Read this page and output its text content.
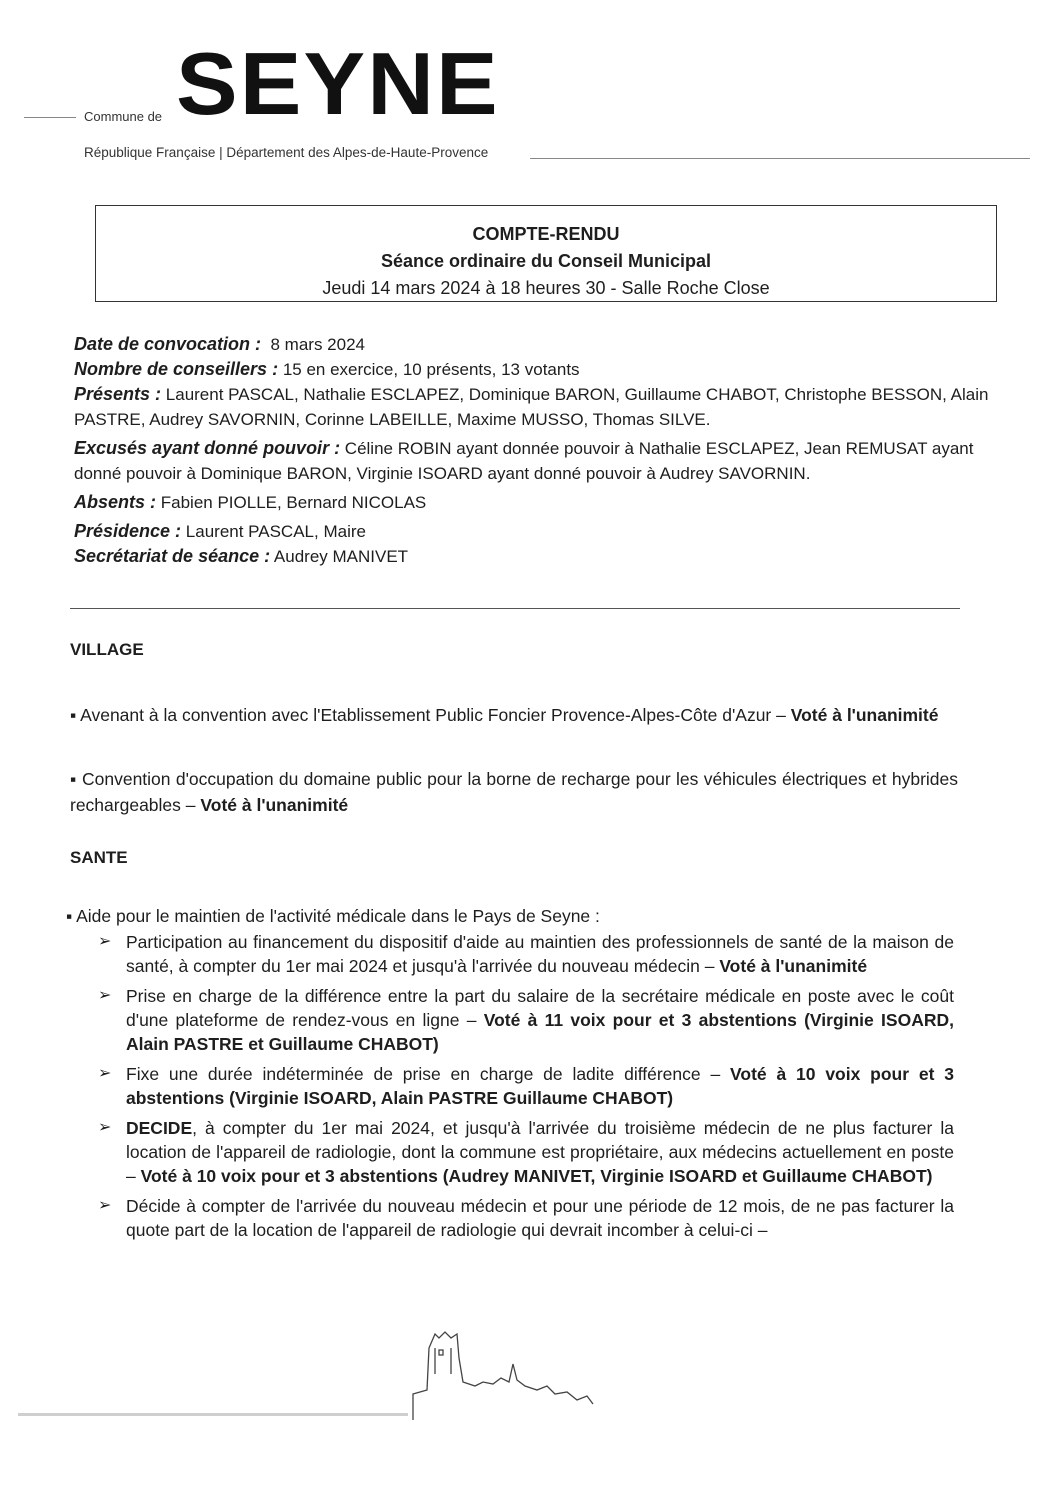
Commune de SEYNE
République Française | Département des Alpes-de-Haute-Provence
COMPTE-RENDU
Séance ordinaire du Conseil Municipal
Jeudi 14 mars 2024 à 18 heures 30 - Salle Roche Close

Date de convocation : 8 mars 2024

Nombre de conseillers : 15 en exercice, 10 présents, 13 votants

Présents : Laurent PASCAL, Nathalie ESCLAPEZ, Dominique BARON, Guillaume CHABOT, Christophe BESSON, Alain PASTRE, Audrey SAVORNIN, Corinne LABEILLE, Maxime MUSSO, Thomas SILVE.

Excusés ayant donné pouvoir : Céline ROBIN ayant donnée pouvoir à Nathalie ESCLAPEZ, Jean REMUSAT ayant donné pouvoir à Dominique BARON, Virginie ISOARD ayant donné pouvoir à Audrey SAVORNIN.

Absents : Fabien PIOLLE, Bernard NICOLAS

Présidence : Laurent PASCAL, Maire

Secrétariat de séance : Audrey MANIVET

VILLAGE
▪ Avenant à la convention avec l'Etablissement Public Foncier Provence-Alpes-Côte d'Azur – Voté à l'unanimité
▪ Convention d'occupation du domaine public pour la borne de recharge pour les véhicules électriques et hybrides rechargeables – Voté à l'unanimité
SANTE
▪ Aide pour le maintien de l'activité médicale dans le Pays de Seyne :
➢ Participation au financement du dispositif d'aide au maintien des professionnels de santé de la maison de santé, à compter du 1er mai 2024 et jusqu'à l'arrivée du nouveau médecin – Voté à l'unanimité
➢ Prise en charge de la différence entre la part du salaire de la secrétaire médicale en poste avec le coût d'une plateforme de rendez-vous en ligne – Voté à 11 voix pour et 3 abstentions (Virginie ISOARD, Alain PASTRE et Guillaume CHABOT)
➢ Fixe une durée indéterminée de prise en charge de ladite différence – Voté à 10 voix pour et 3 abstentions (Virginie ISOARD, Alain PASTRE Guillaume CHABOT)
➢ DECIDE, à compter du 1er mai 2024, et jusqu'à l'arrivée du troisième médecin de ne plus facturer la location de l'appareil de radiologie, dont la commune est propriétaire, aux médecins actuellement en poste – Voté à 10 voix pour et 3 abstentions (Audrey MANIVET, Virginie ISOARD et Guillaume CHABOT)
➢ Décide à compter de l'arrivée du nouveau médecin et pour une période de 12 mois, de ne pas facturer la quote part de la location de l'appareil de radiologie qui devrait incomber à celui-ci –
